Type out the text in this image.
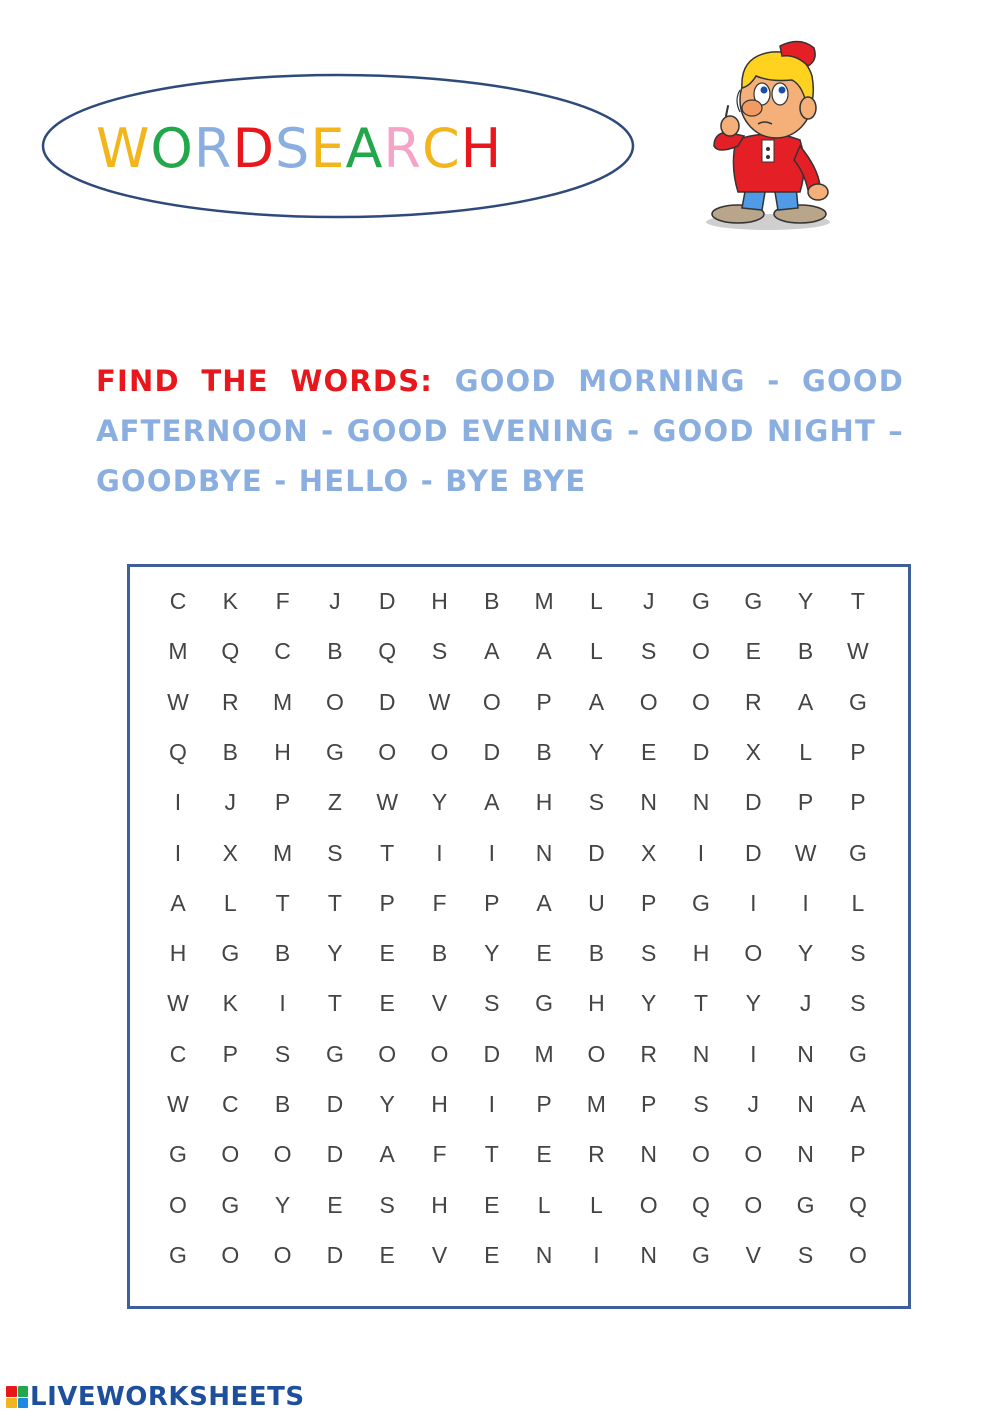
WORDSEARCH
FIND THE WORDS: GOOD MORNING - GOOD AFTERNOON - GOOD EVENING - GOOD NIGHT – GOODBYE - HELLO - BYE BYE
C	K	F	J	D	H	B	M	L	J	G	G	Y	T
M	Q	C	B	Q	S	A	A	L	S	O	E	B	W
W	R	M	O	D	W	O	P	A	O	O	R	A	G
Q	B	H	G	O	O	D	B	Y	E	D	X	L	P
I	J	P	Z	W	Y	A	H	S	N	N	D	P	P
I	X	M	S	T	I	I	N	D	X	I	D	W	G
A	L	T	T	P	F	P	A	U	P	G	I	I	L
H	G	B	Y	E	B	Y	E	B	S	H	O	Y	S
W	K	I	T	E	V	S	G	H	Y	T	Y	J	S
C	P	S	G	O	O	D	M	O	R	N	I	N	G
W	C	B	D	Y	H	I	P	M	P	S	J	N	A
G	O	O	D	A	F	T	E	R	N	O	O	N	P
O	G	Y	E	S	H	E	L	L	O	Q	O	G	Q
G	O	O	D	E	V	E	N	I	N	G	V	S	O
LIVEWORKSHEETS
